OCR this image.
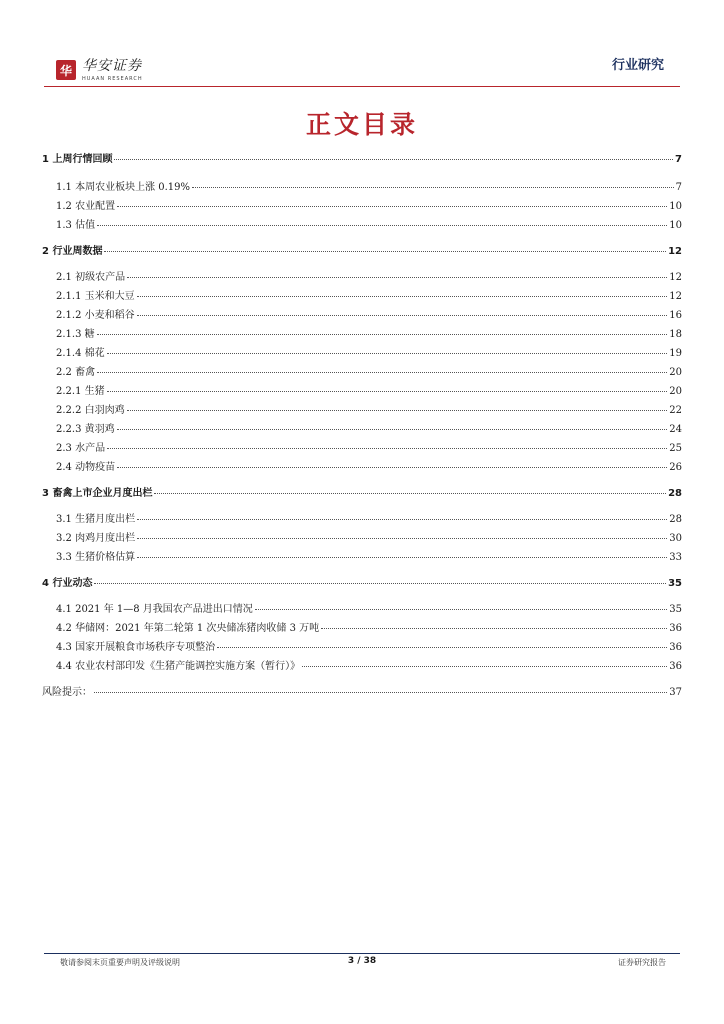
华 华安证券
HUAAN RESEARCH
行业研究
正文目录
1 上周行情回顾	7
1.1 本周农业板块上涨 0.19%	7
1.2 农业配置	10
1.3 估值	10
2 行业周数据	12
2.1 初级农产品	12
2.1.1 玉米和大豆	12
2.1.2 小麦和稻谷	16
2.1.3 糖	18
2.1.4 棉花	19
2.2 畜禽	20
2.2.1 生猪	20
2.2.2 白羽肉鸡	22
2.2.3 黄羽鸡	24
2.3 水产品	25
2.4 动物疫苗	26
3 畜禽上市企业月度出栏	28
3.1 生猪月度出栏	28
3.2 肉鸡月度出栏	30
3.3 生猪价格估算	33
4 行业动态	35
4.1 2021 年 1—8 月我国农产品进出口情况	35
4.2 华储网：2021 年第二轮第 1 次央储冻猪肉收储 3 万吨	36
4.3 国家开展粮食市场秩序专项整治	36
4.4 农业农村部印发《生猪产能调控实施方案（暂行）》	36
风险提示：	37
敬请参阅末页重要声明及评级说明	3 / 38	证券研究报告
